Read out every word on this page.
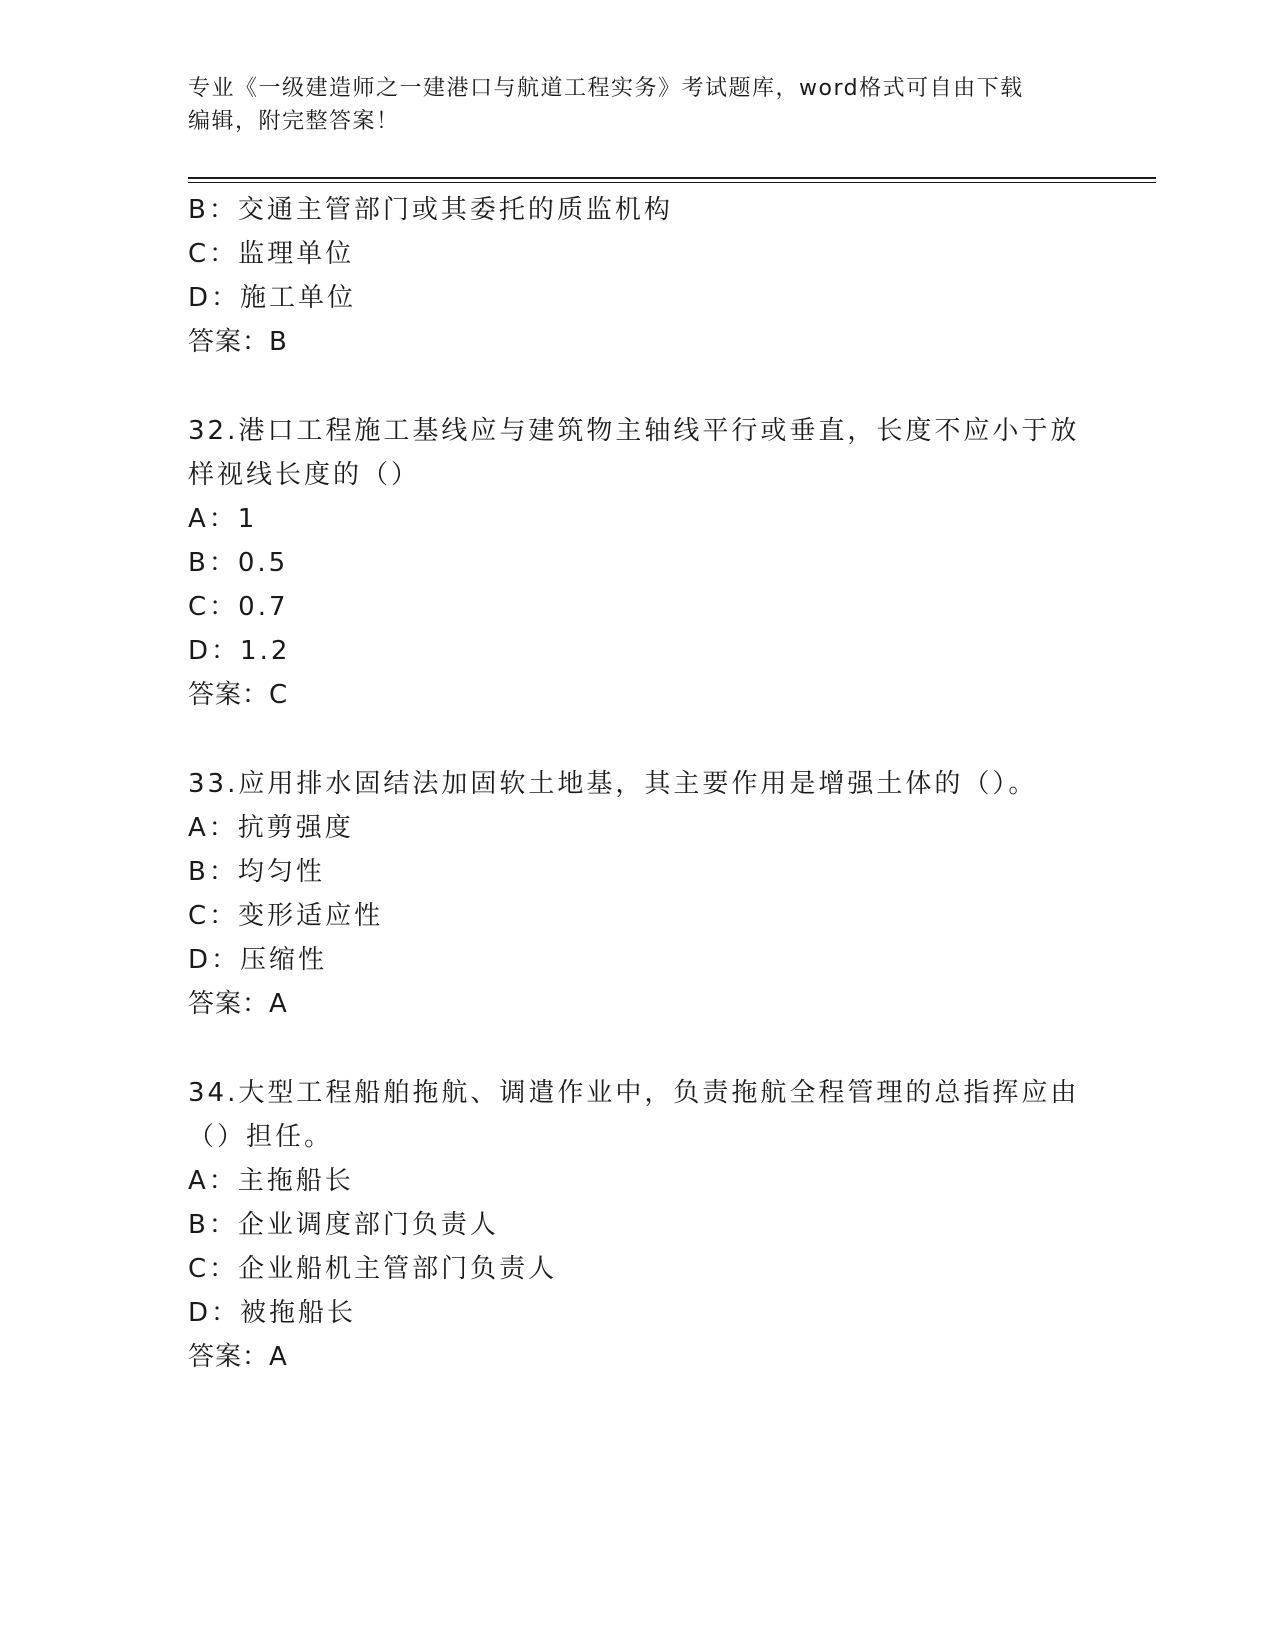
专业《一级建造师之一建港口与航道工程实务》考试题库，word格式可自由下载
编辑，附完整答案！
B：交通主管部门或其委托的质监机构
C：监理单位
D：施工单位
答案：B
32.港口工程施工基线应与建筑物主轴线平行或垂直，长度不应小于放
样视线长度的（）
A：1
B：0.5
C：0.7
D：1.2
答案：C
33.应用排水固结法加固软土地基，其主要作用是增强土体的（）。
A：抗剪强度
B：均匀性
C：变形适应性
D：压缩性
答案：A
34.大型工程船舶拖航、调遣作业中，负责拖航全程管理的总指挥应由
（）担任。
A：主拖船长
B：企业调度部门负责人
C：企业船机主管部门负责人
D：被拖船长
答案：A
